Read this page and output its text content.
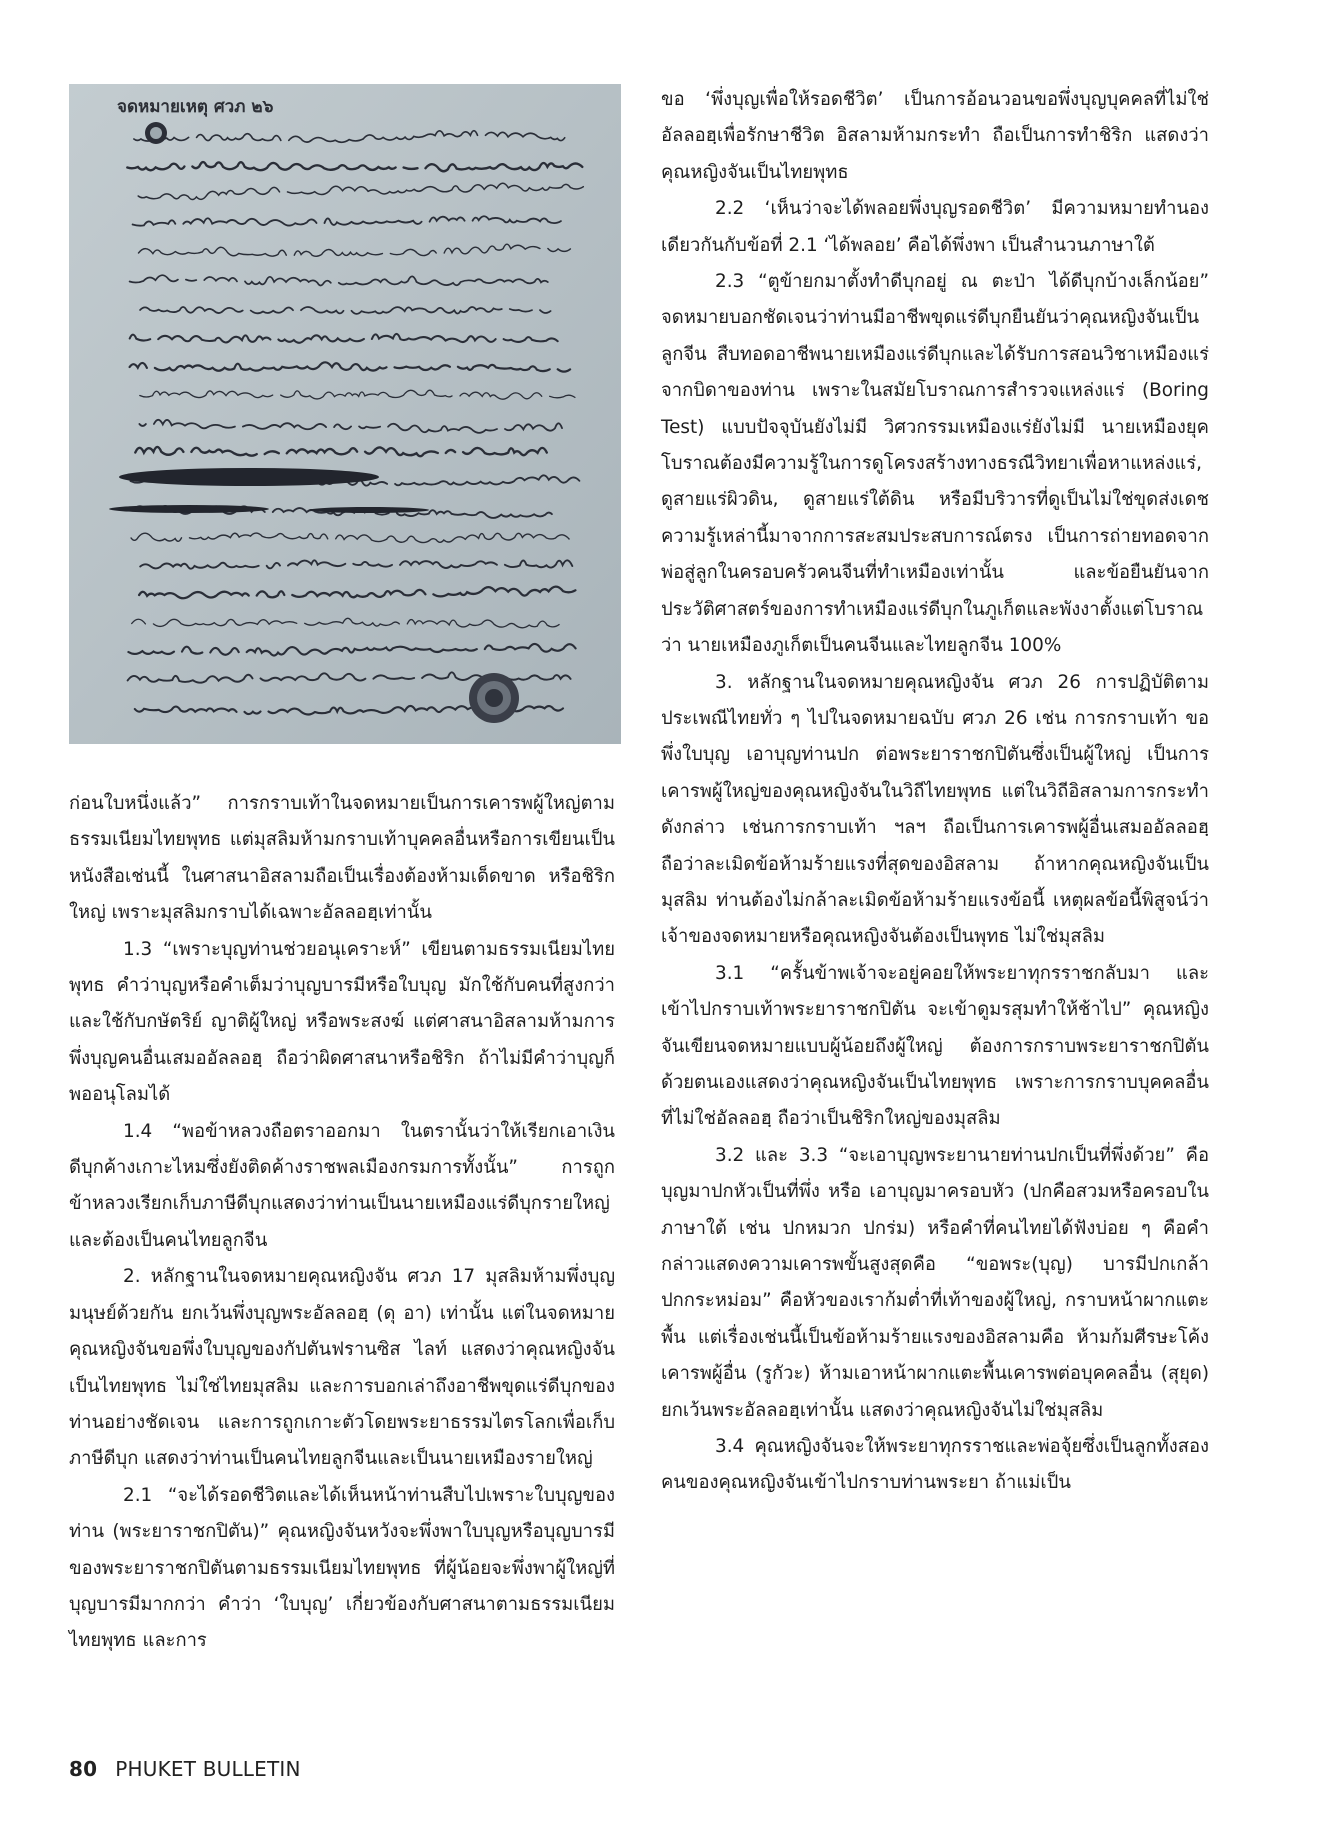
จดหมายเหตุ ศวภ ๒๖

ก่อนใบหนึ่งแล้ว” การกราบเท้าในจดหมายเป็นการเคารพผู้ใหญ่ตามธรรมเนียมไทยพุทธ แต่มุสลิมห้ามกราบเท้าบุคคลอื่นหรือการเขียนเป็นหนังสือเช่นนี้ ในศาสนาอิสลามถือเป็นเรื่องต้องห้ามเด็ดขาด หรือชิริกใหญ่ เพราะมุสลิมกราบได้เฉพาะอัลลอฮฺเท่านั้น

1.3 “เพราะบุญท่านช่วยอนุเคราะห์” เขียนตามธรรมเนียมไทยพุทธ คำว่าบุญหรือคำเต็มว่าบุญบารมีหรือใบบุญ มักใช้กับคนที่สูงกว่า และใช้กับกษัตริย์ ญาติผู้ใหญ่ หรือพระสงฆ์ แต่ศาสนาอิสลามห้ามการพึ่งบุญคนอื่นเสมออัลลอฮฺ ถือว่าผิดศาสนาหรือชิริก ถ้าไม่มีคำว่าบุญก็พออนุโลมได้

1.4 “พอข้าหลวงถือตราออกมา ในตรานั้นว่าให้เรียกเอาเงินดีบุกค้างเกาะไหมซึ่งยังติดค้างราชพลเมืองกรมการทั้งนั้น” การถูกข้าหลวงเรียกเก็บภาษีดีบุกแสดงว่าท่านเป็นนายเหมืองแร่ดีบุกรายใหญ่ และต้องเป็นคนไทยลูกจีน

2. หลักฐานในจดหมายคุณหญิงจัน ศวภ 17 มุสลิมห้ามพึ่งบุญมนุษย์ด้วยกัน ยกเว้นพึ่งบุญพระอัลลอฮฺ (ดุ อา) เท่านั้น แต่ในจดหมายคุณหญิงจันขอพึ่งใบบุญของกัปตันฟรานซิส ไลท์ แสดงว่าคุณหญิงจันเป็นไทยพุทธ ไม่ใช่ไทยมุสลิม และการบอกเล่าถึงอาชีพขุดแร่ดีบุกของท่านอย่างชัดเจน และการถูกเกาะตัวโดยพระยาธรรมไตรโลกเพื่อเก็บภาษีดีบุก แสดงว่าท่านเป็นคนไทยลูกจีนและเป็นนายเหมืองรายใหญ่

2.1 “จะได้รอดชีวิตและได้เห็นหน้าท่านสืบไปเพราะใบบุญของท่าน (พระยาราชกปิตัน)” คุณหญิงจันหวังจะพึ่งพาใบบุญหรือบุญบารมีของพระยาราชกปิตันตามธรรมเนียมไทยพุทธ ที่ผู้น้อยจะพึ่งพาผู้ใหญ่ที่บุญบารมีมากกว่า คำว่า ‘ใบบุญ’ เกี่ยวข้องกับศาสนาตามธรรมเนียมไทยพุทธ และการ

ขอ ‘พึ่งบุญเพื่อให้รอดชีวิต’ เป็นการอ้อนวอนขอพึ่งบุญบุคคลที่ไม่ใช่อัลลอฮฺเพื่อรักษาชีวิต อิสลามห้ามกระทำ ถือเป็นการทำชิริก แสดงว่าคุณหญิงจันเป็นไทยพุทธ

2.2 ‘เห็นว่าจะได้พลอยพึ่งบุญรอดชีวิต’ มีความหมายทำนองเดียวกันกับข้อที่ 2.1 ‘ได้พลอย’ คือได้พึ่งพา เป็นสำนวนภาษาใต้

2.3 “ตูข้ายกมาตั้งทำดีบุกอยู่ ณ ตะป่า ได้ดีบุกบ้างเล็กน้อย” จดหมายบอกชัดเจนว่าท่านมีอาชีพขุดแร่ดีบุกยืนยันว่าคุณหญิงจันเป็นลูกจีน สืบทอดอาชีพนายเหมืองแร่ดีบุกและได้รับการสอนวิชาเหมืองแร่จากบิดาของท่าน เพราะในสมัยโบราณการสำรวจแหล่งแร่ (Boring Test) แบบปัจจุบันยังไม่มี วิศวกรรมเหมืองแร่ยังไม่มี นายเหมืองยุคโบราณต้องมีความรู้ในการดูโครงสร้างทางธรณีวิทยาเพื่อหาแหล่งแร่, ดูสายแร่ผิวดิน, ดูสายแร่ใต้ดิน หรือมีบริวารที่ดูเป็นไม่ใช่ขุดส่งเดช ความรู้เหล่านี้มาจากการสะสมประสบการณ์ตรง เป็นการถ่ายทอดจากพ่อสู่ลูกในครอบครัวคนจีนที่ทำเหมืองเท่านั้น และข้อยืนยันจากประวัติศาสตร์ของการทำเหมืองแร่ดีบุกในภูเก็ตและพังงาตั้งแต่โบราณว่า นายเหมืองภูเก็ตเป็นคนจีนและไทยลูกจีน 100%

3. หลักฐานในจดหมายคุณหญิงจัน ศวภ 26 การปฏิบัติตามประเพณีไทยทั่ว ๆ ไปในจดหมายฉบับ ศวภ 26 เช่น การกราบเท้า ขอพึ่งใบบุญ เอาบุญท่านปก ต่อพระยาราชกปิตันซึ่งเป็นผู้ใหญ่ เป็นการเคารพผู้ใหญ่ของคุณหญิงจันในวิถีไทยพุทธ แต่ในวิถีอิสลามการกระทำดังกล่าว เช่นการกราบเท้า ฯลฯ ถือเป็นการเคารพผู้อื่นเสมออัลลอฮฺ ถือว่าละเมิดข้อห้ามร้ายแรงที่สุดของอิสลาม ถ้าหากคุณหญิงจันเป็นมุสลิม ท่านต้องไม่กล้าละเมิดข้อห้ามร้ายแรงข้อนี้ เหตุผลข้อนี้พิสูจน์ว่าเจ้าของจดหมายหรือคุณหญิงจันต้องเป็นพุทธ ไม่ใช่มุสลิม

3.1 “ครั้นข้าพเจ้าจะอยู่คอยให้พระยาทุกรราชกลับมา และเข้าไปกราบเท้าพระยาราชกปิตัน จะเข้าดูมรสุมทำให้ช้าไป” คุณหญิงจันเขียนจดหมายแบบผู้น้อยถึงผู้ใหญ่ ต้องการกราบพระยาราชกปิตันด้วยตนเองแสดงว่าคุณหญิงจันเป็นไทยพุทธ เพราะการกราบบุคคลอื่นที่ไม่ใช่อัลลอฮฺ ถือว่าเป็นชิริกใหญ่ของมุสลิม

3.2 และ 3.3 “จะเอาบุญพระยานายท่านปกเป็นที่พึ่งด้วย” คือบุญมาปกหัวเป็นที่พึ่ง หรือ เอาบุญมาครอบหัว (ปกคือสวมหรือครอบในภาษาใต้ เช่น ปกหมวก ปกร่ม) หรือคำที่คนไทยได้ฟังบ่อย ๆ คือคำกล่าวแสดงความเคารพขั้นสูงสุดคือ “ขอพระ(บุญ) บารมีปกเกล้าปกกระหม่อม” คือหัวของเราก้มต่ำที่เท้าของผู้ใหญ่, กราบหน้าผากแตะพื้น แต่เรื่องเช่นนี้เป็นข้อห้ามร้ายแรงของอิสลามคือ ห้ามก้มศีรษะโค้งเคารพผู้อื่น (รูกัวะ) ห้ามเอาหน้าผากแตะพื้นเคารพต่อบุคคลอื่น (สุยุด) ยกเว้นพระอัลลอฮฺเท่านั้น แสดงว่าคุณหญิงจันไม่ใช่มุสลิม

3.4 คุณหญิงจันจะให้พระยาทุกรราชและพ่อจุ้ยซึ่งเป็นลูกทั้งสองคนของคุณหญิงจันเข้าไปกราบท่านพระยา ถ้าแม่เป็น

80 PHUKET BULLETIN
